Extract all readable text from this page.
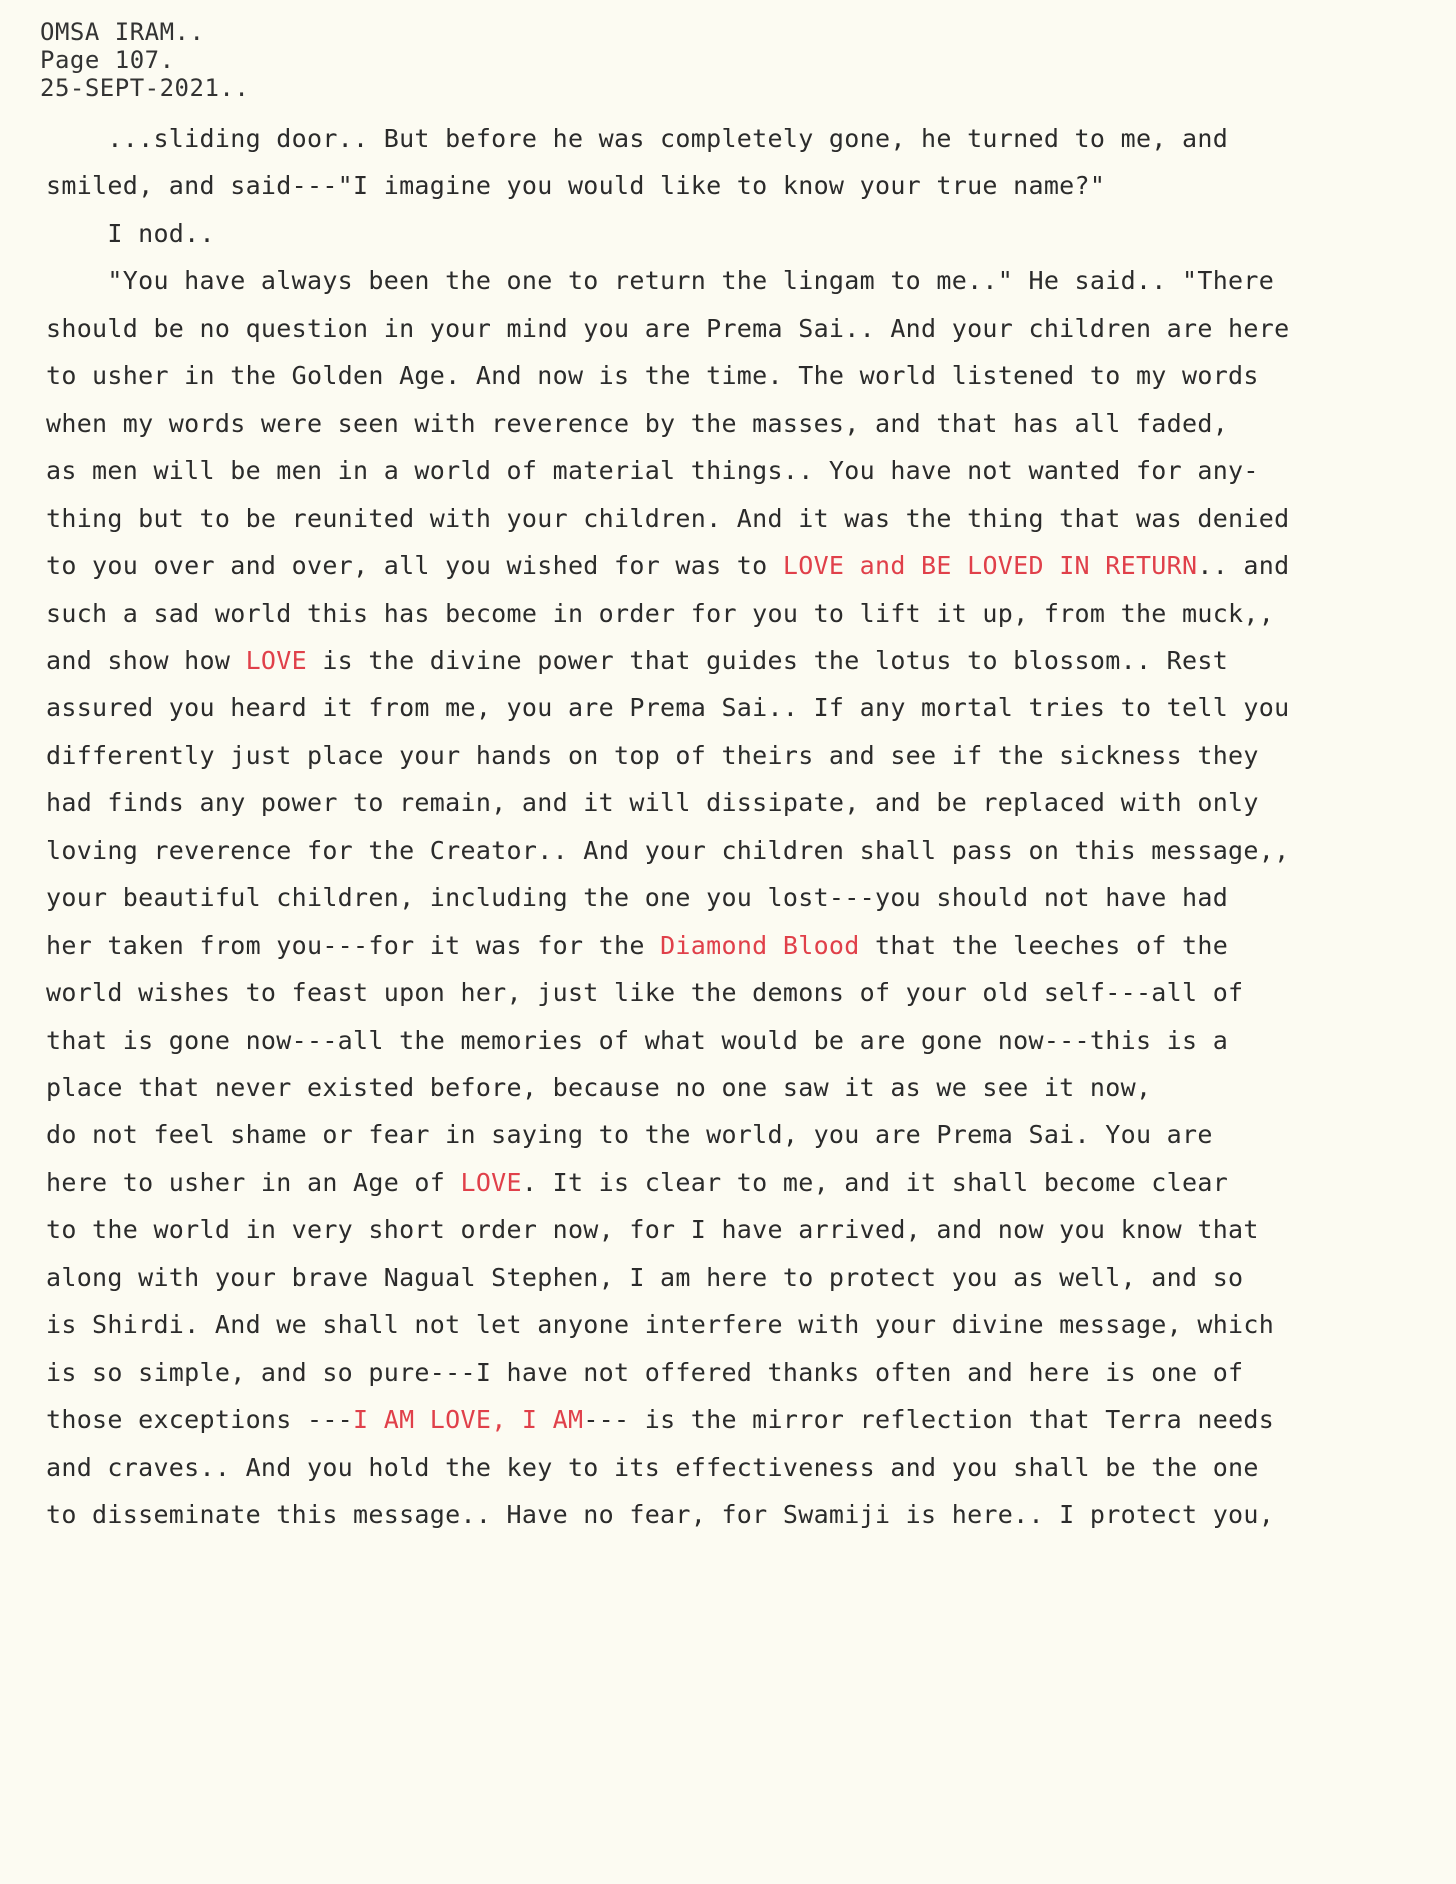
OMSA IRAM..
Page 107.
25-SEPT-2021..
...sliding door.. But before he was completely gone, he turned to me, and
smiled, and said---"I imagine you would like to know your true name?"
I nod..
"You have always been the one to return the lingam to me.." He said.. "There
should be no question in your mind you are Prema Sai.. And your children are here
to usher in the Golden Age. And now is the time. The world listened to my words
when my words were seen with reverence by the masses, and that has all faded,
as men will be men in a world of material things.. You have not wanted for any-
thing but to be reunited with your children. And it was the thing that was denied
to you over and over, all you wished for was to LOVE and BE LOVED IN RETURN.. and
such a sad world this has become in order for you to lift it up, from the muck,,
and show how LOVE is the divine power that guides the lotus to blossom.. Rest
assured you heard it from me, you are Prema Sai.. If any mortal tries to tell you
differently just place your hands on top of theirs and see if the sickness they
had finds any power to remain, and it will dissipate, and be replaced with only
loving reverence for the Creator.. And your children shall pass on this message,,
your beautiful children, including the one you lost---you should not have had
her taken from you---for it was for the Diamond Blood that the leeches of the
world wishes to feast upon her, just like the demons of your old self---all of
that is gone now---all the memories of what would be are gone now---this is a
place that never existed before, because no one saw it as we see it now,
do not feel shame or fear in saying to the world, you are Prema Sai. You are
here to usher in an Age of LOVE. It is clear to me, and it shall become clear
to the world in very short order now, for I have arrived, and now you know that
along with your brave Nagual Stephen, I am here to protect you as well, and so
is Shirdi. And we shall not let anyone interfere with your divine message, which
is so simple, and so pure---I have not offered thanks often and here is one of
those exceptions ---I AM LOVE, I AM--- is the mirror reflection that Terra needs
and craves.. And you hold the key to its effectiveness and you shall be the one
to disseminate this message.. Have no fear, for Swamiji is here.. I protect you,
